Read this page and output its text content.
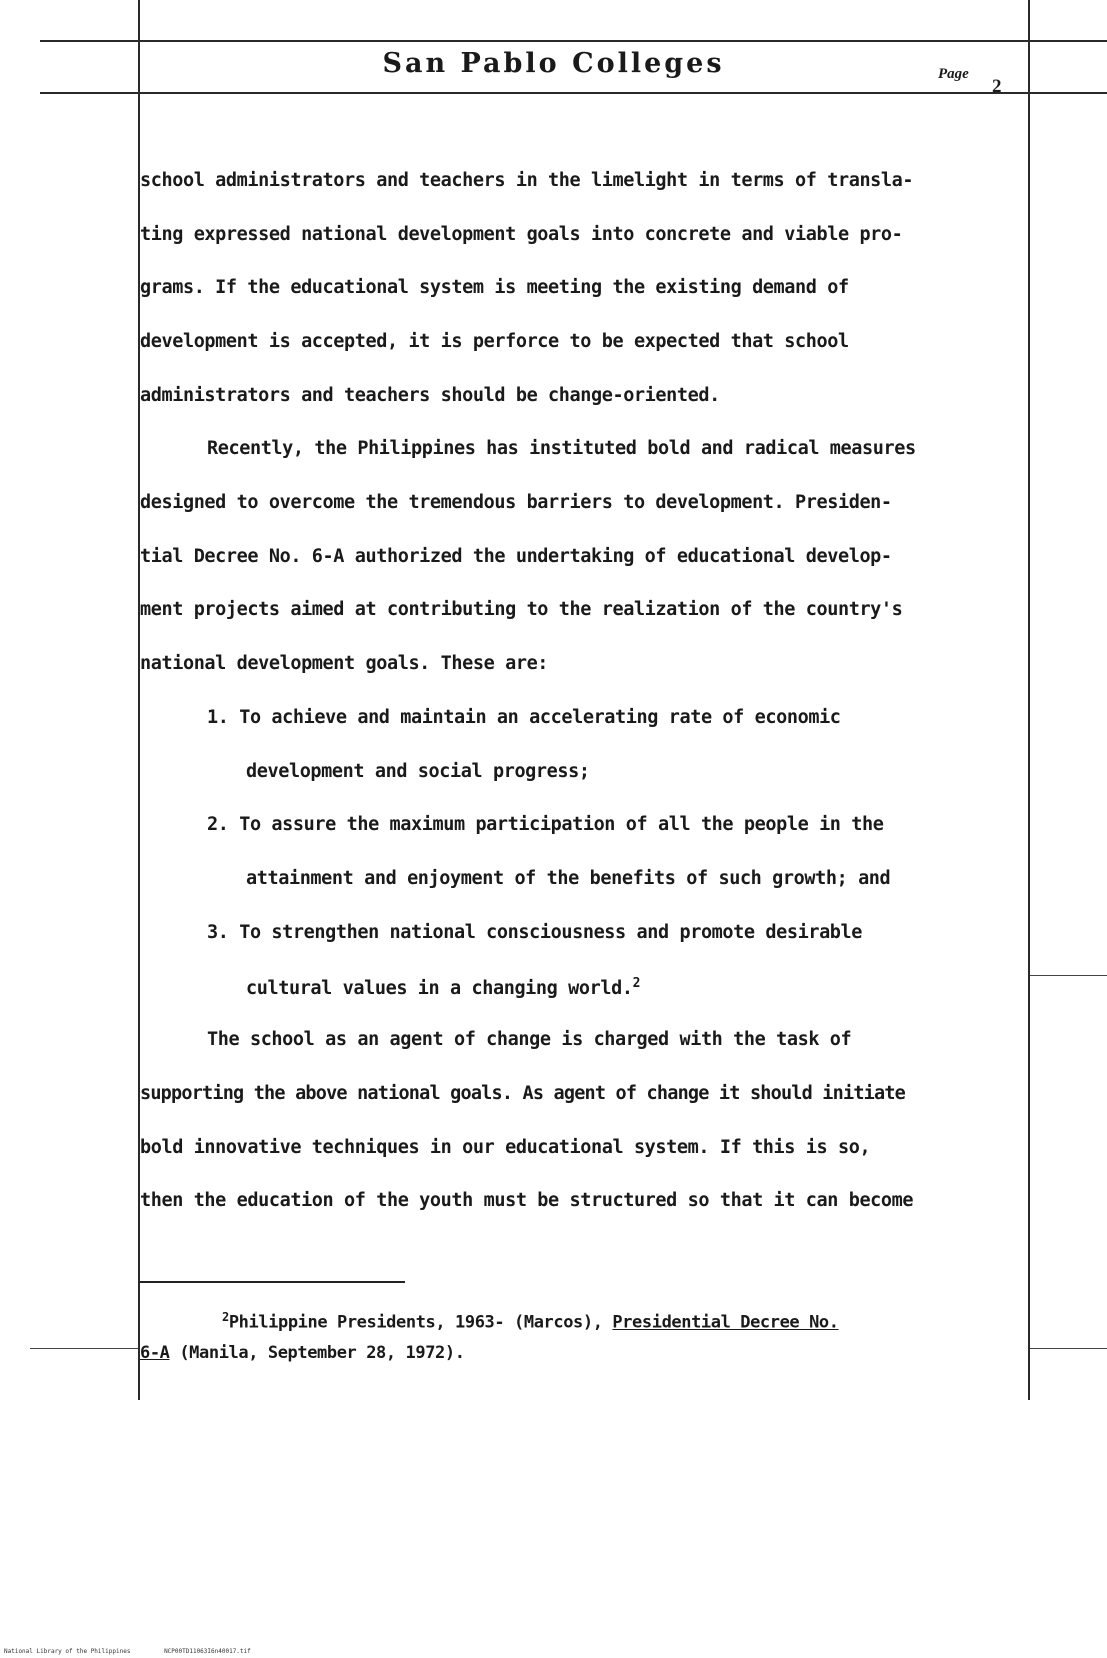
San Pablo Colleges	Page
2
school administrators and teachers in the limelight in terms of transla-
ting expressed national development goals into concrete and viable pro-
grams. If the educational system is meeting the existing demand of
development is accepted, it is perforce to be expected that school
administrators and teachers should be change-oriented.
Recently, the Philippines has instituted bold and radical measures
designed to overcome the tremendous barriers to development. Presiden-
tial Decree No. 6-A authorized the undertaking of educational develop-
ment projects aimed at contributing to the realization of the country's
national development goals. These are:
1. To achieve and maintain an accelerating rate of economic
development and social progress;
2. To assure the maximum participation of all the people in the
attainment and enjoyment of the benefits of such growth; and
3. To strengthen national consciousness and promote desirable
cultural values in a changing world.$^2$
The school as an agent of change is charged with the task of
supporting the above national goals. As agent of change it should initiate
bold innovative techniques in our educational system. If this is so,
then the education of the youth must be structured so that it can become
$^2$Philippine Presidents, 1963- (Marcos), Presidential Decree No.
6-A (Manila, September 28, 1972).
National Library of the Philippines	NCP00TD11063I6n40017.tif
